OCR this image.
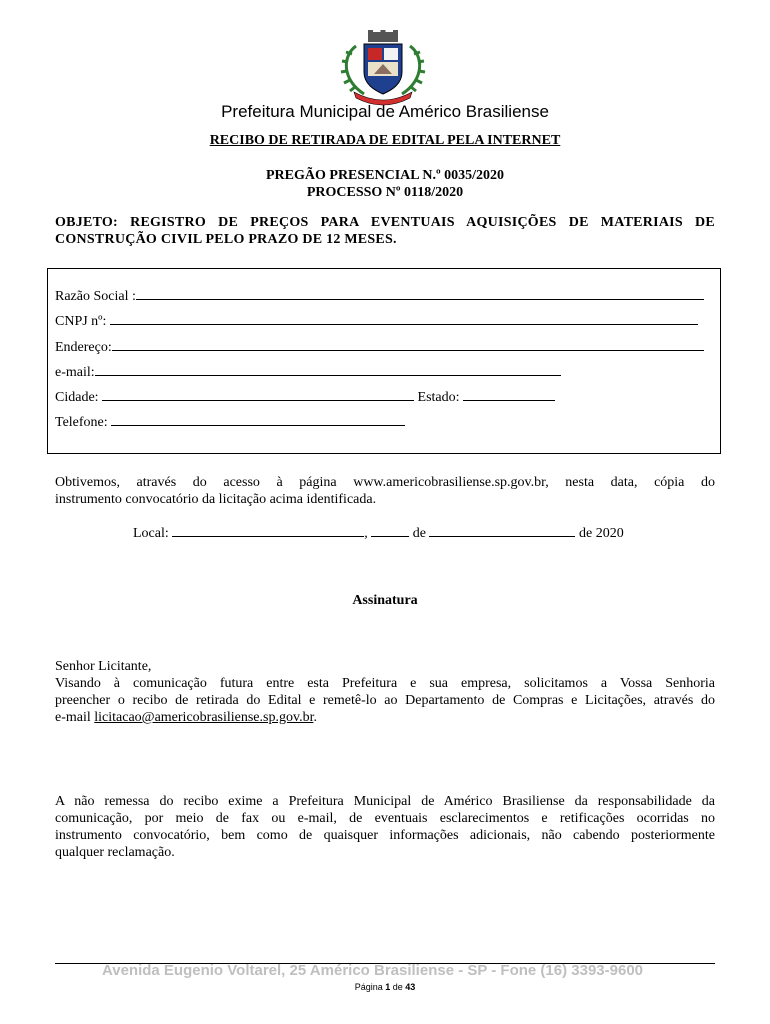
Prefeitura Municipal de Américo Brasiliense
RECIBO DE RETIRADA DE EDITAL PELA INTERNET
PREGÃO PRESENCIAL N.º 0035/2020
PROCESSO Nº 0118/2020
OBJETO: REGISTRO DE PREÇOS PARA EVENTUAIS AQUISIÇÕES DE MATERIAIS DE
CONSTRUÇÃO CIVIL PELO PRAZO DE 12 MESES.
Razão Social :
CNPJ nº:
Endereço:
e-mail:
Cidade:	Estado:
Telefone:
Obtivemos, através do acesso à página www.americobrasiliense.sp.gov.br, nesta data, cópia do
instrumento convocatório da licitação acima identificada.
Local:	,	de	de 2020
Assinatura
Senhor Licitante,
Visando à comunicação futura entre esta Prefeitura e sua empresa, solicitamos a Vossa Senhoria
preencher o recibo de retirada do Edital e remetê-lo ao Departamento de Compras e Licitações, através do
e-mail licitacao@americobrasiliense.sp.gov.br.
A não remessa do recibo exime a Prefeitura Municipal de Américo Brasiliense da responsabilidade da
comunicação, por meio de fax ou e-mail, de eventuais esclarecimentos e retificações ocorridas no
instrumento convocatório, bem como de quaisquer informações adicionais, não cabendo posteriormente
qualquer reclamação.
Avenida Eugenio Voltarel, 25 Américo Brasiliense - SP - Fone (16) 3393-9600
Página 1 de 43
